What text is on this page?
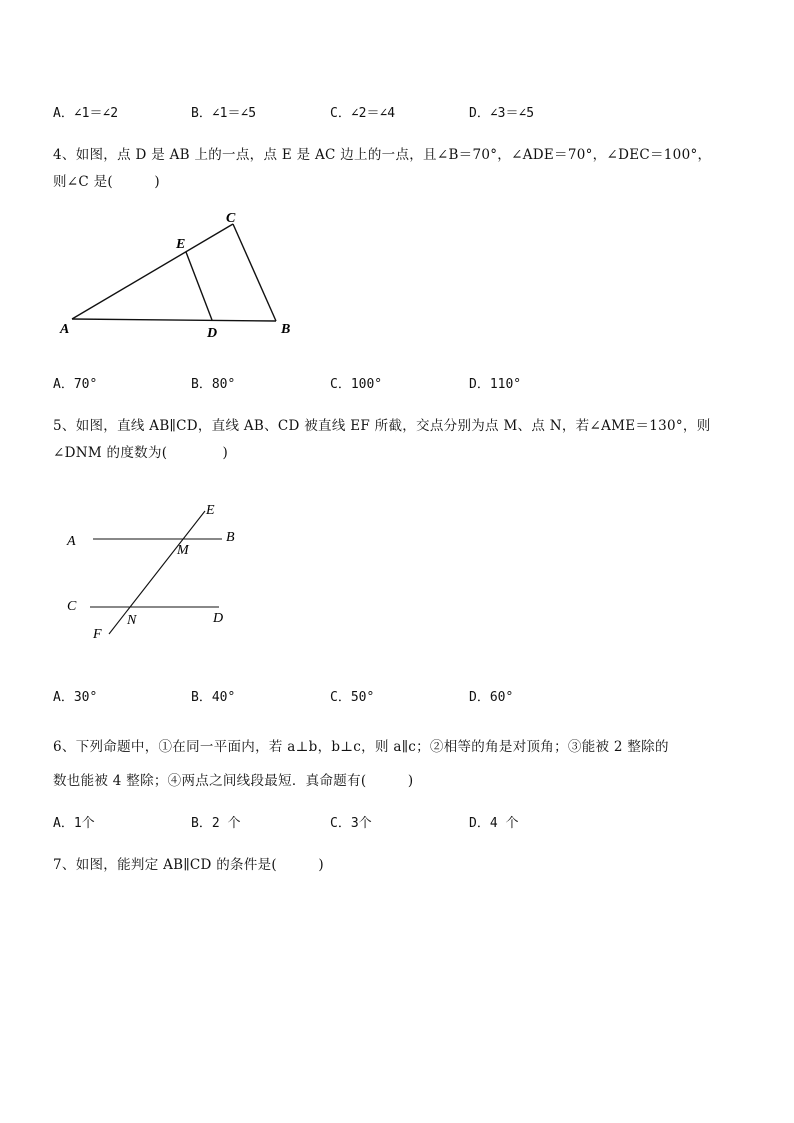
A．∠1＝∠2	B．∠1＝∠5	C．∠2＝∠4	D．∠3＝∠5
4、如图，点 D 是 AB 上的一点，点 E 是 AC 边上的一点，且∠B＝70°，∠ADE＝70°，∠DEC＝100°，
则∠C 是(　　　)
A	B
C
D
E
A．70°	B．80°	C．100°	D．110°
5、如图，直线 AB∥CD，直线 AB、CD 被直线 EF 所截，交点分别为点 M、点 N，若∠AME＝130°，则
∠DNM 的度数为(　　　　)
A	B
C
D
E
F
M
N
A．30°	B．40°	C．50°	D．60°
6、下列命题中，①在同一平面内，若 a⊥b，b⊥c，则 a∥c；②相等的角是对顶角；③能被 2 整除的
数也能被 4 整除；④两点之间线段最短．真命题有(　　　)
A．1个	B．2 个	C．3个	D．4 个
7、如图，能判定 AB∥CD 的条件是(　　　)
